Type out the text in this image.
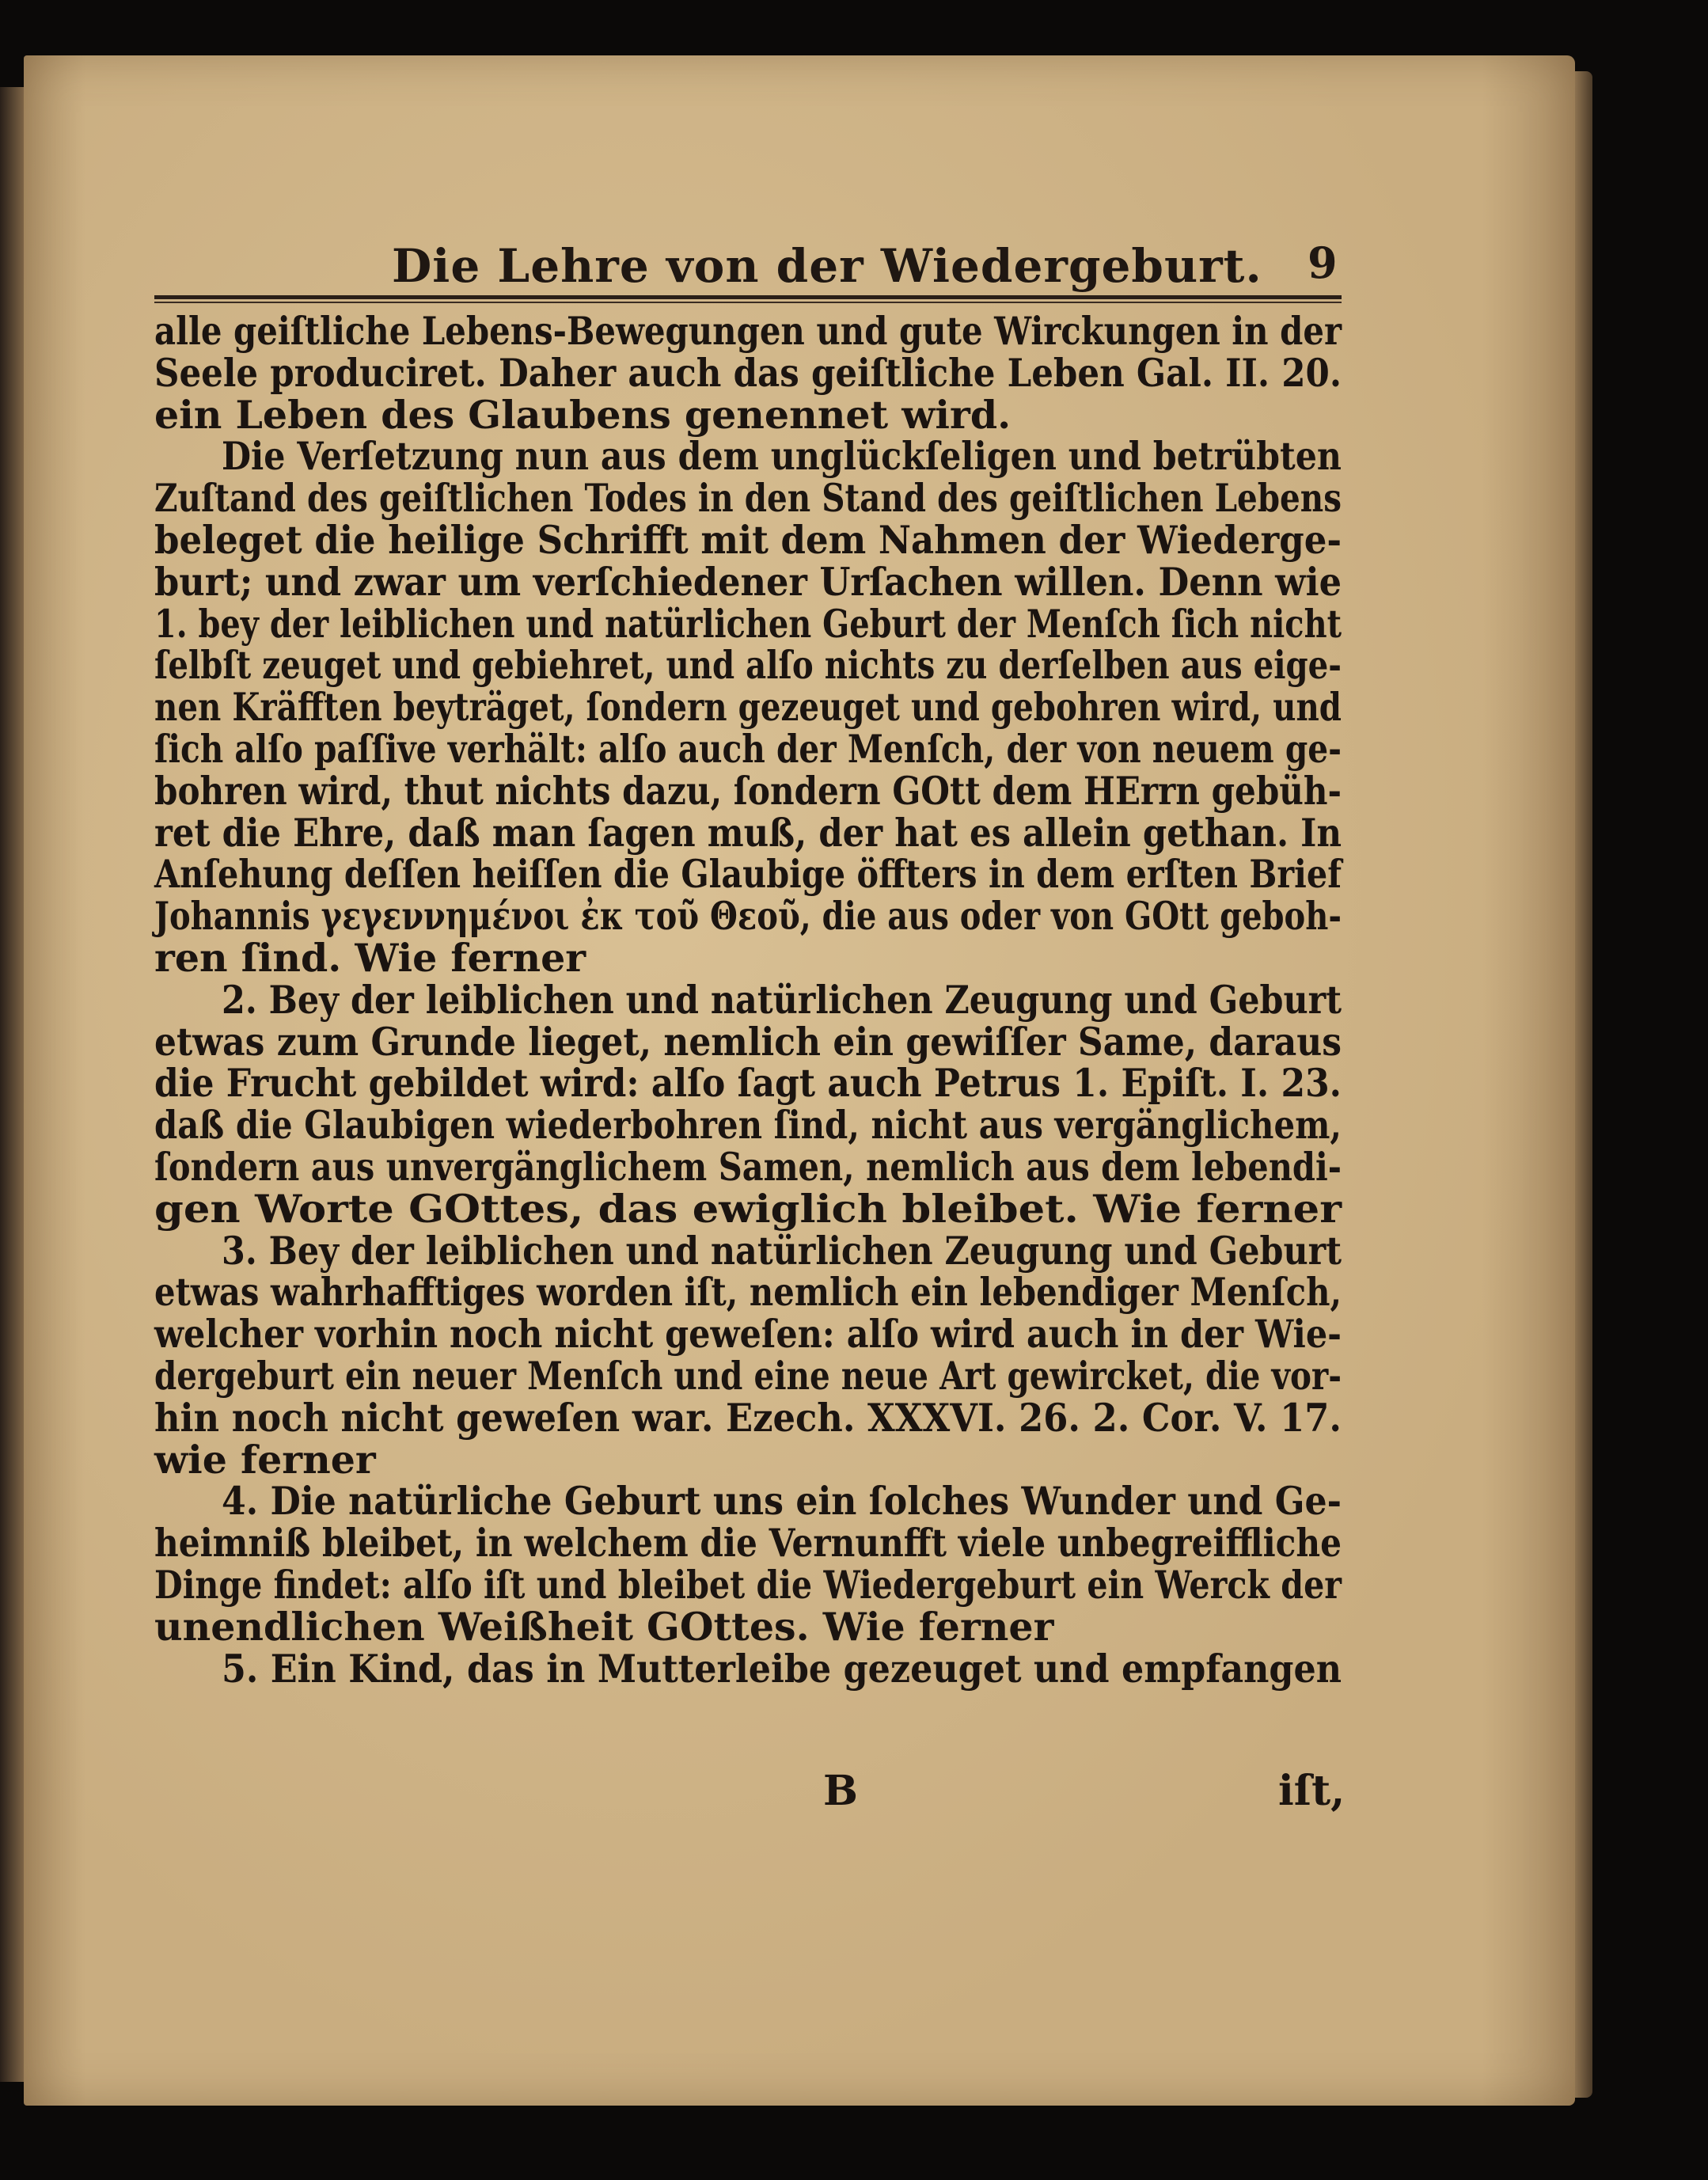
Die Lehre von der Wiedergeburt. 9
alle geiſtliche Lebens-Bewegungen und gute Wirckungen in der
Seele produciret. Daher auch das geiſtliche Leben Gal. II. 20.
ein Leben des Glaubens genennet wird.
Die Verſetzung nun aus dem unglückſeligen und betrübten
Zuſtand des geiſtlichen Todes in den Stand des geiſtlichen Lebens
beleget die heilige Schrifft mit dem Nahmen der Wiederge-
burt; und zwar um verſchiedener Urſachen willen. Denn wie
1. bey der leiblichen und natürlichen Geburt der Menſch ſich nicht
ſelbſt zeuget und gebiehret, und alſo nichts zu derſelben aus eige-
nen Kräfften beyträget, ſondern gezeuget und gebohren wird, und
ſich alſo paſſive verhält: alſo auch der Menſch, der von neuem ge-
bohren wird, thut nichts dazu, ſondern GOtt dem HErrn gebüh-
ret die Ehre, daß man ſagen muß, der hat es allein gethan. In
Anſehung deſſen heiſſen die Glaubige öffters in dem erſten Brief
Johannis γεγεννημένοι ἐκ τοῦ Θεοῦ, die aus oder von GOtt geboh-
ren ſind. Wie ferner
2. Bey der leiblichen und natürlichen Zeugung und Geburt
etwas zum Grunde lieget, nemlich ein gewiſſer Same, daraus
die Frucht gebildet wird: alſo ſagt auch Petrus 1. Epiſt. I. 23.
daß die Glaubigen wiederbohren ſind, nicht aus vergänglichem,
ſondern aus unvergänglichem Samen, nemlich aus dem lebendi-
gen Worte GOttes, das ewiglich bleibet. Wie ferner
3. Bey der leiblichen und natürlichen Zeugung und Geburt
etwas wahrhafftiges worden iſt, nemlich ein lebendiger Menſch,
welcher vorhin noch nicht geweſen: alſo wird auch in der Wie-
dergeburt ein neuer Menſch und eine neue Art gewircket, die vor-
hin noch nicht geweſen war. Ezech. XXXVI. 26. 2. Cor. V. 17.
wie ferner
4. Die natürliche Geburt uns ein ſolches Wunder und Ge-
heimniß bleibet, in welchem die Vernunfft viele unbegreiffliche
Dinge findet: alſo iſt und bleibet die Wiedergeburt ein Werck der
unendlichen Weißheit GOttes. Wie ferner
5. Ein Kind, das in Mutterleibe gezeuget und empfangen
B	iſt,
